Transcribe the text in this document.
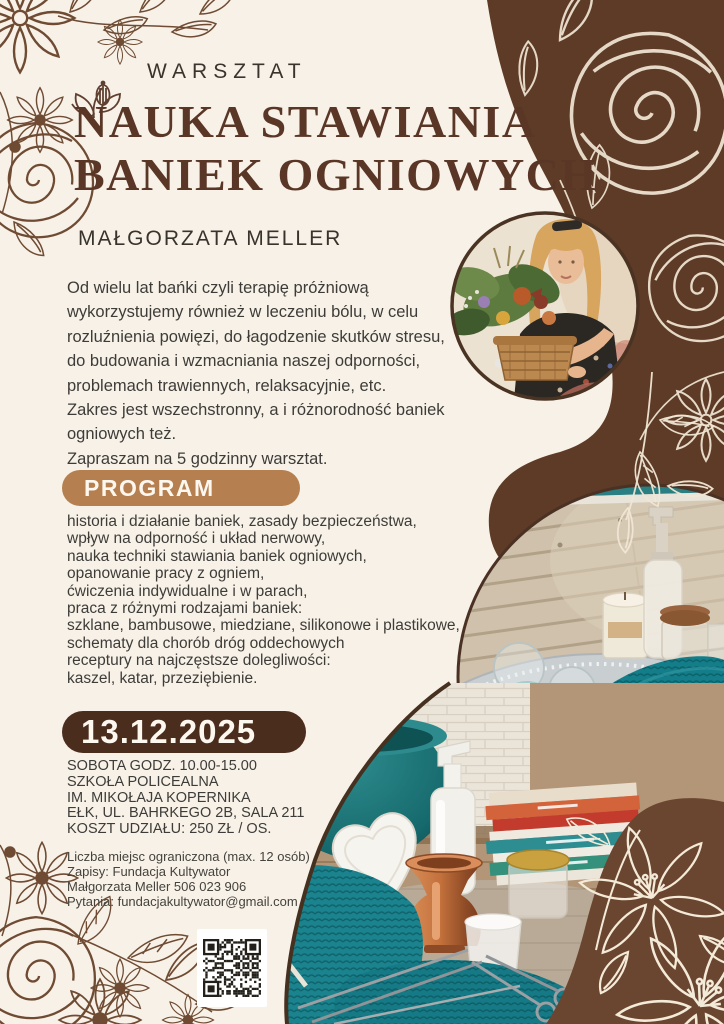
WARSZTAT
NAUKA STAWIANIA
BANIEK OGNIOWYCH
MAŁGORZATA MELLER
Od wielu lat bańki czyli terapię próżniową
wykorzystujemy również w leczeniu bólu, w celu
rozluźnienia powięzi, do łagodzenie skutków stresu,
do budowania i wzmacniania naszej odporności,
problemach trawiennych, relaksacyjnie, etc.
Zakres jest wszechstronny, a i różnorodność baniek
ogniowych też.
Zapraszam na 5 godzinny warsztat.
PROGRAM
historia i działanie baniek, zasady bezpieczeństwa,
wpływ na odporność i układ nerwowy,
nauka techniki stawiania baniek ogniowych,
opanowanie pracy z ogniem,
ćwiczenia indywidualne i w parach,
praca z różnymi rodzajami baniek:
szklane, bambusowe, miedziane, silikonowe i plastikowe,
schematy dla chorób dróg oddechowych
receptury na najczęstsze dolegliwości:
kaszel, katar, przeziębienie.
13.12.2025
SOBOTA GODZ. 10.00-15.00
SZKOŁA POLICEALNA
IM. MIKOŁAJA KOPERNIKA
EŁK, UL. BAHRKEGO 2B, SALA 211
KOSZT UDZIAŁU: 250 ZŁ / OS.
Liczba miejsc ograniczona (max. 12 osób)
Zapisy: Fundacja Kultywator
Małgorzata Meller 506 023 906
Pytania: fundacjakultywator@gmail.com
